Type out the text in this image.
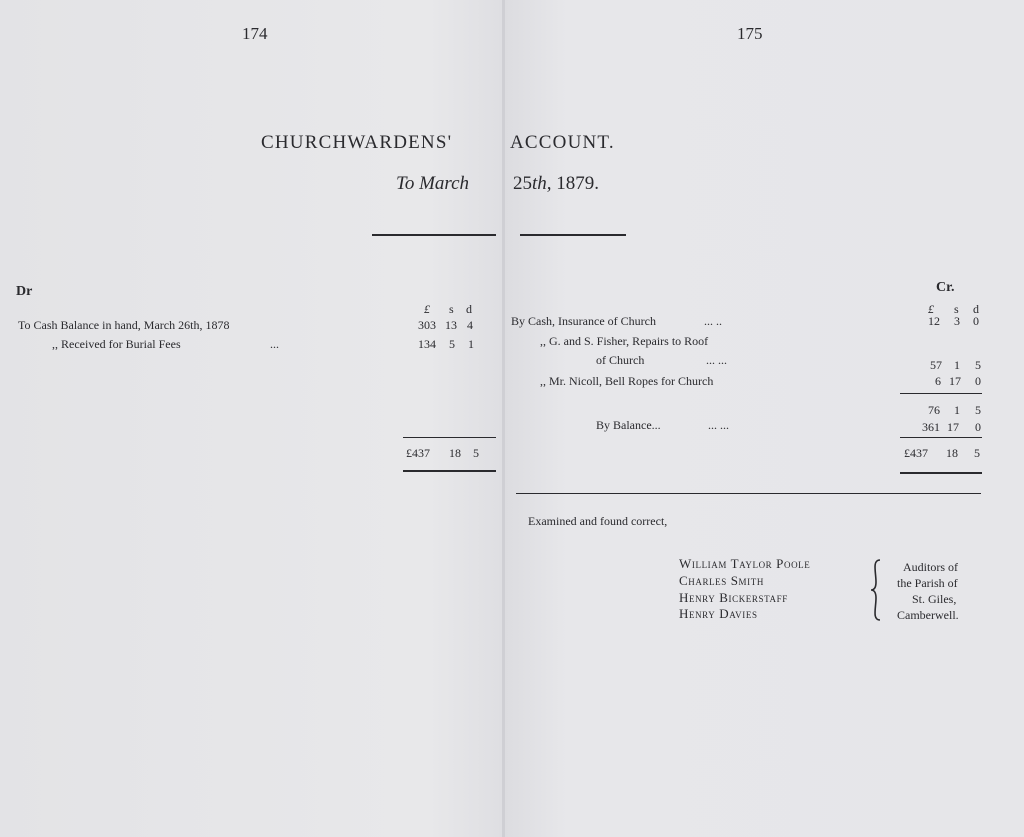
174	175
CHURCHWARDENS'	ACCOUNT.
To March 25th, 1879.
Dr
£ s d
To Cash Balance in hand, March 26th, 1878	303 13 4
,, Received for Burial Fees	...	134 5 1
£437 18 5
Cr.
£ s d
By Cash, Insurance of Church	... ..	12 3 0
,, G. and S. Fisher, Repairs to Roof
of Church	... ...	57 1 5
,, Mr. Nicoll, Bell Ropes for Church	6 17 0
76 1 5
By Balance...	... ...	361 17 0
£437 18 5
Examined and found correct,
William Taylor Poole
Charles Smith
Henry Bickerstaff
Henry Davies
Auditors of
the Parish of
St. Giles,
Camberwell.
